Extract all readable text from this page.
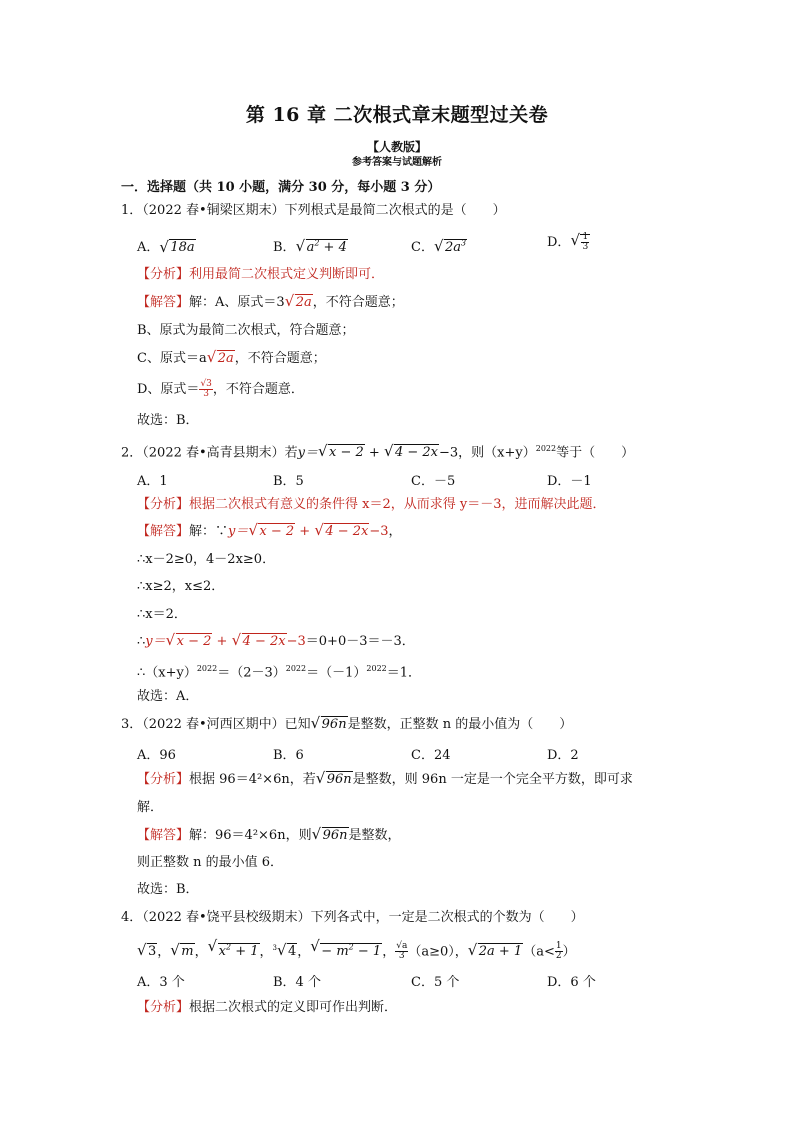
第 16 章 二次根式章末题型过关卷
【人教版】
参考答案与试题解析
一．选择题（共 10 小题，满分 30 分，每小题 3 分）
1．（2022 春•铜梁区期末）下列根式是最简二次根式的是（　　）
A． √ 18a	B． √ $a^2 + 4$	C． √ $2a^3$	D． √ $\frac{1}{3}$
【分析】利用最简二次根式定义判断即可．
【解答】解：A、原式＝3 √ 2a，不符合题意；
B、原式为最简二次根式，符合题意；
C、原式＝a √ 2a，不符合题意；
D、原式＝ $\frac{√3}{3}$ ，不符合题意．
故选：B．
2．（2022 春•高青县期末）若y＝ √ x − 2 + √ 4 − 2x−3，则$(x+y)^{2022}$等于（　　）
A．1	B．5	C．－5	D．－1
【分析】根据二次根式有意义的条件得 x＝2，从而求得 y＝－3，进而解决此题．
【解答】解：∵y＝ √ x − 2 + √ 4 − 2x−3，
∴x－2≥0，4－2x≥0．
∴x≥2，x≤2．
∴x＝2．
∴y＝ √ x − 2 + √ 4 − 2x−3＝0+0－3＝－3．
$\therefore(x+y)^{2022}=(2-3)^{2022}=(-1)^{2022}=1$．
故选：A．
3．（2022 春•河西区期中）已知 √ 96n是整数，正整数 n 的最小值为（　　）
A．96	B．6	C．24	D．2
【分析】根据 96＝4²×6n，若 √ 96n是整数，则 96n 一定是一个完全平方数，即可求
解．
【解答】解：96＝4²×6n，则 √ 96n是整数，
则正整数 n 的最小值 6．
故选：B．
4．（2022 春•饶平县校级期末）下列各式中，一定是二次根式的个数为（　　）
√ 3， √ m， √ $x^2 + 1$，$^3$ √ 4， √ − $m^2 - 1$， $\frac{√a}{3} (a\ge 0)$， √ $2a + 1(a< \frac{1}{2}$ ）
A．3 个	B．4 个	C．5 个	D．6 个
【分析】根据二次根式的定义即可作出判断．
